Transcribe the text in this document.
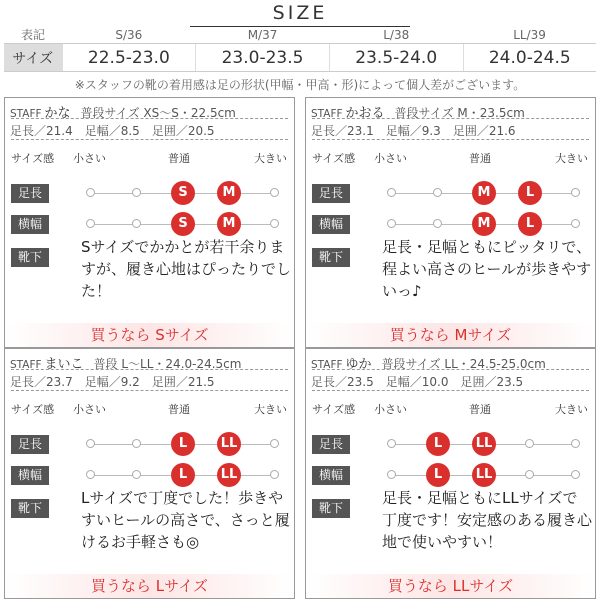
SIZE
表記	S/36	M/37	L/38	LL/39
サイズ	22.5-23.0	23.0-23.5	23.5-24.0	24.0-24.5
※スタッフの靴の着用感は足の形状(甲幅・甲高・形)によって個人差がございます。
STAFF かな 普段サイズ XS〜S・22.5cm
足長／21.4 足幅／8.5 足囲／20.5
サイズ感 小さい	普通	大きい
足長
横幅
靴下
Sサイズでかかとが若干余りますが、履き心地はぴったりでした！
買うなら Sサイズ
S	M
S	M
STAFF かおる 普段サイズ M・23.5cm
足長／23.1 足幅／9.3 足囲／21.6
サイズ感 小さい	普通	大きい
足長
横幅
靴下
足長・足幅ともにピッタリで、程よい高さのヒールが歩きやすいっ♪
買うなら Mサイズ
M	L
M	L
STAFF まいこ 普段 L〜LL・24.0-24.5cm
足長／23.7 足幅／9.2 足囲／21.5
サイズ感 小さい	普通	大きい
足長
横幅
靴下
Lサイズで丁度でした！歩きやすいヒールの高さで、さっと履けるお手軽さも◎
買うなら Lサイズ
L	LL
L	LL
STAFF ゆか 普段サイズ LL・24.5-25.0cm
足長／23.5 足幅／10.0 足囲／23.5
サイズ感 小さい	普通	大きい
足長
横幅
靴下
足長・足幅ともにLLサイズで丁度です！安定感のある履き心地で使いやすい！
買うなら LLサイズ
L	LL
L	LL
